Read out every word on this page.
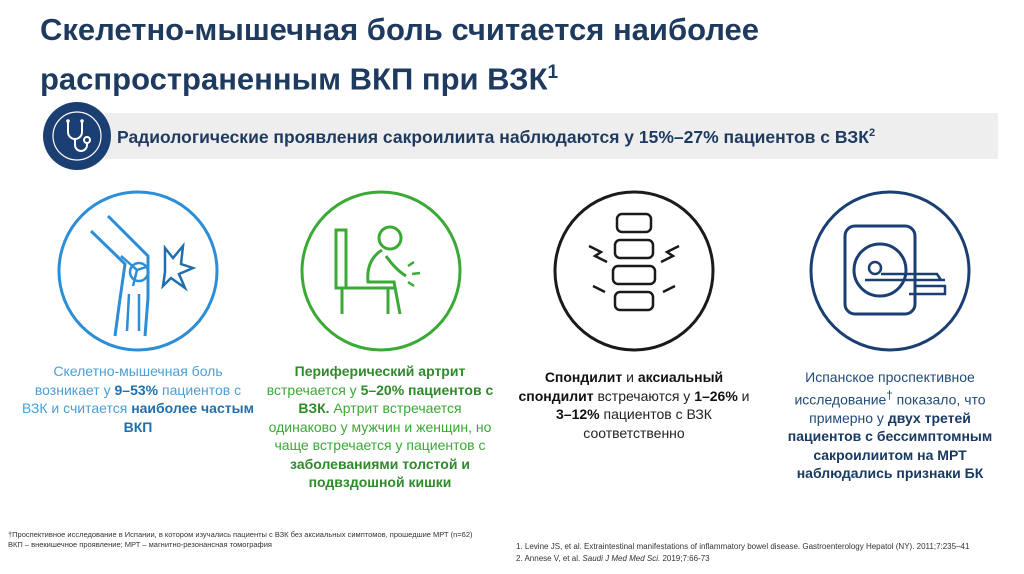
Скелетно-мышечная боль считается наиболее
распространенным ВКП при ВЗК$^1$
Радиологические проявления сакроилиита наблюдаются у 15%–27% пациентов с ВЗК$^2$
Скелетно-мышечная боль возникает у 9–53% пациентов с ВЗК и считается наиболее частым ВКП
Периферический артрит встречается у 5–20% пациентов с ВЗК. Артрит встречается одинаково у мужчин и женщин, но чаще встречается у пациентов с заболеваниями толстой и подвздошной кишки
Спондилит и аксиальный спондилит встречаются у 1–26% и 3–12% пациентов с ВЗК соответственно
Испанское проспективное исследование† показало, что примерно у двух третей пациентов с бессимптомным сакроилиитом на МРТ наблюдались признаки БК
†Проспективное исследование в Испании, в котором изучались пациенты с ВЗК без аксиальных симптомов, прошедшие МРТ (n=62)
ВКП – внекишечное проявление; МРТ – магнитно-резонансная томография	1. Levine JS, et al. Extraintestinal manifestations of inflammatory bowel disease. Gastroenterology Hepatol (NY). 2011;7:235–41
2. Annese V, et al. Saudi J Med Med Sci. 2019;7:66-73
